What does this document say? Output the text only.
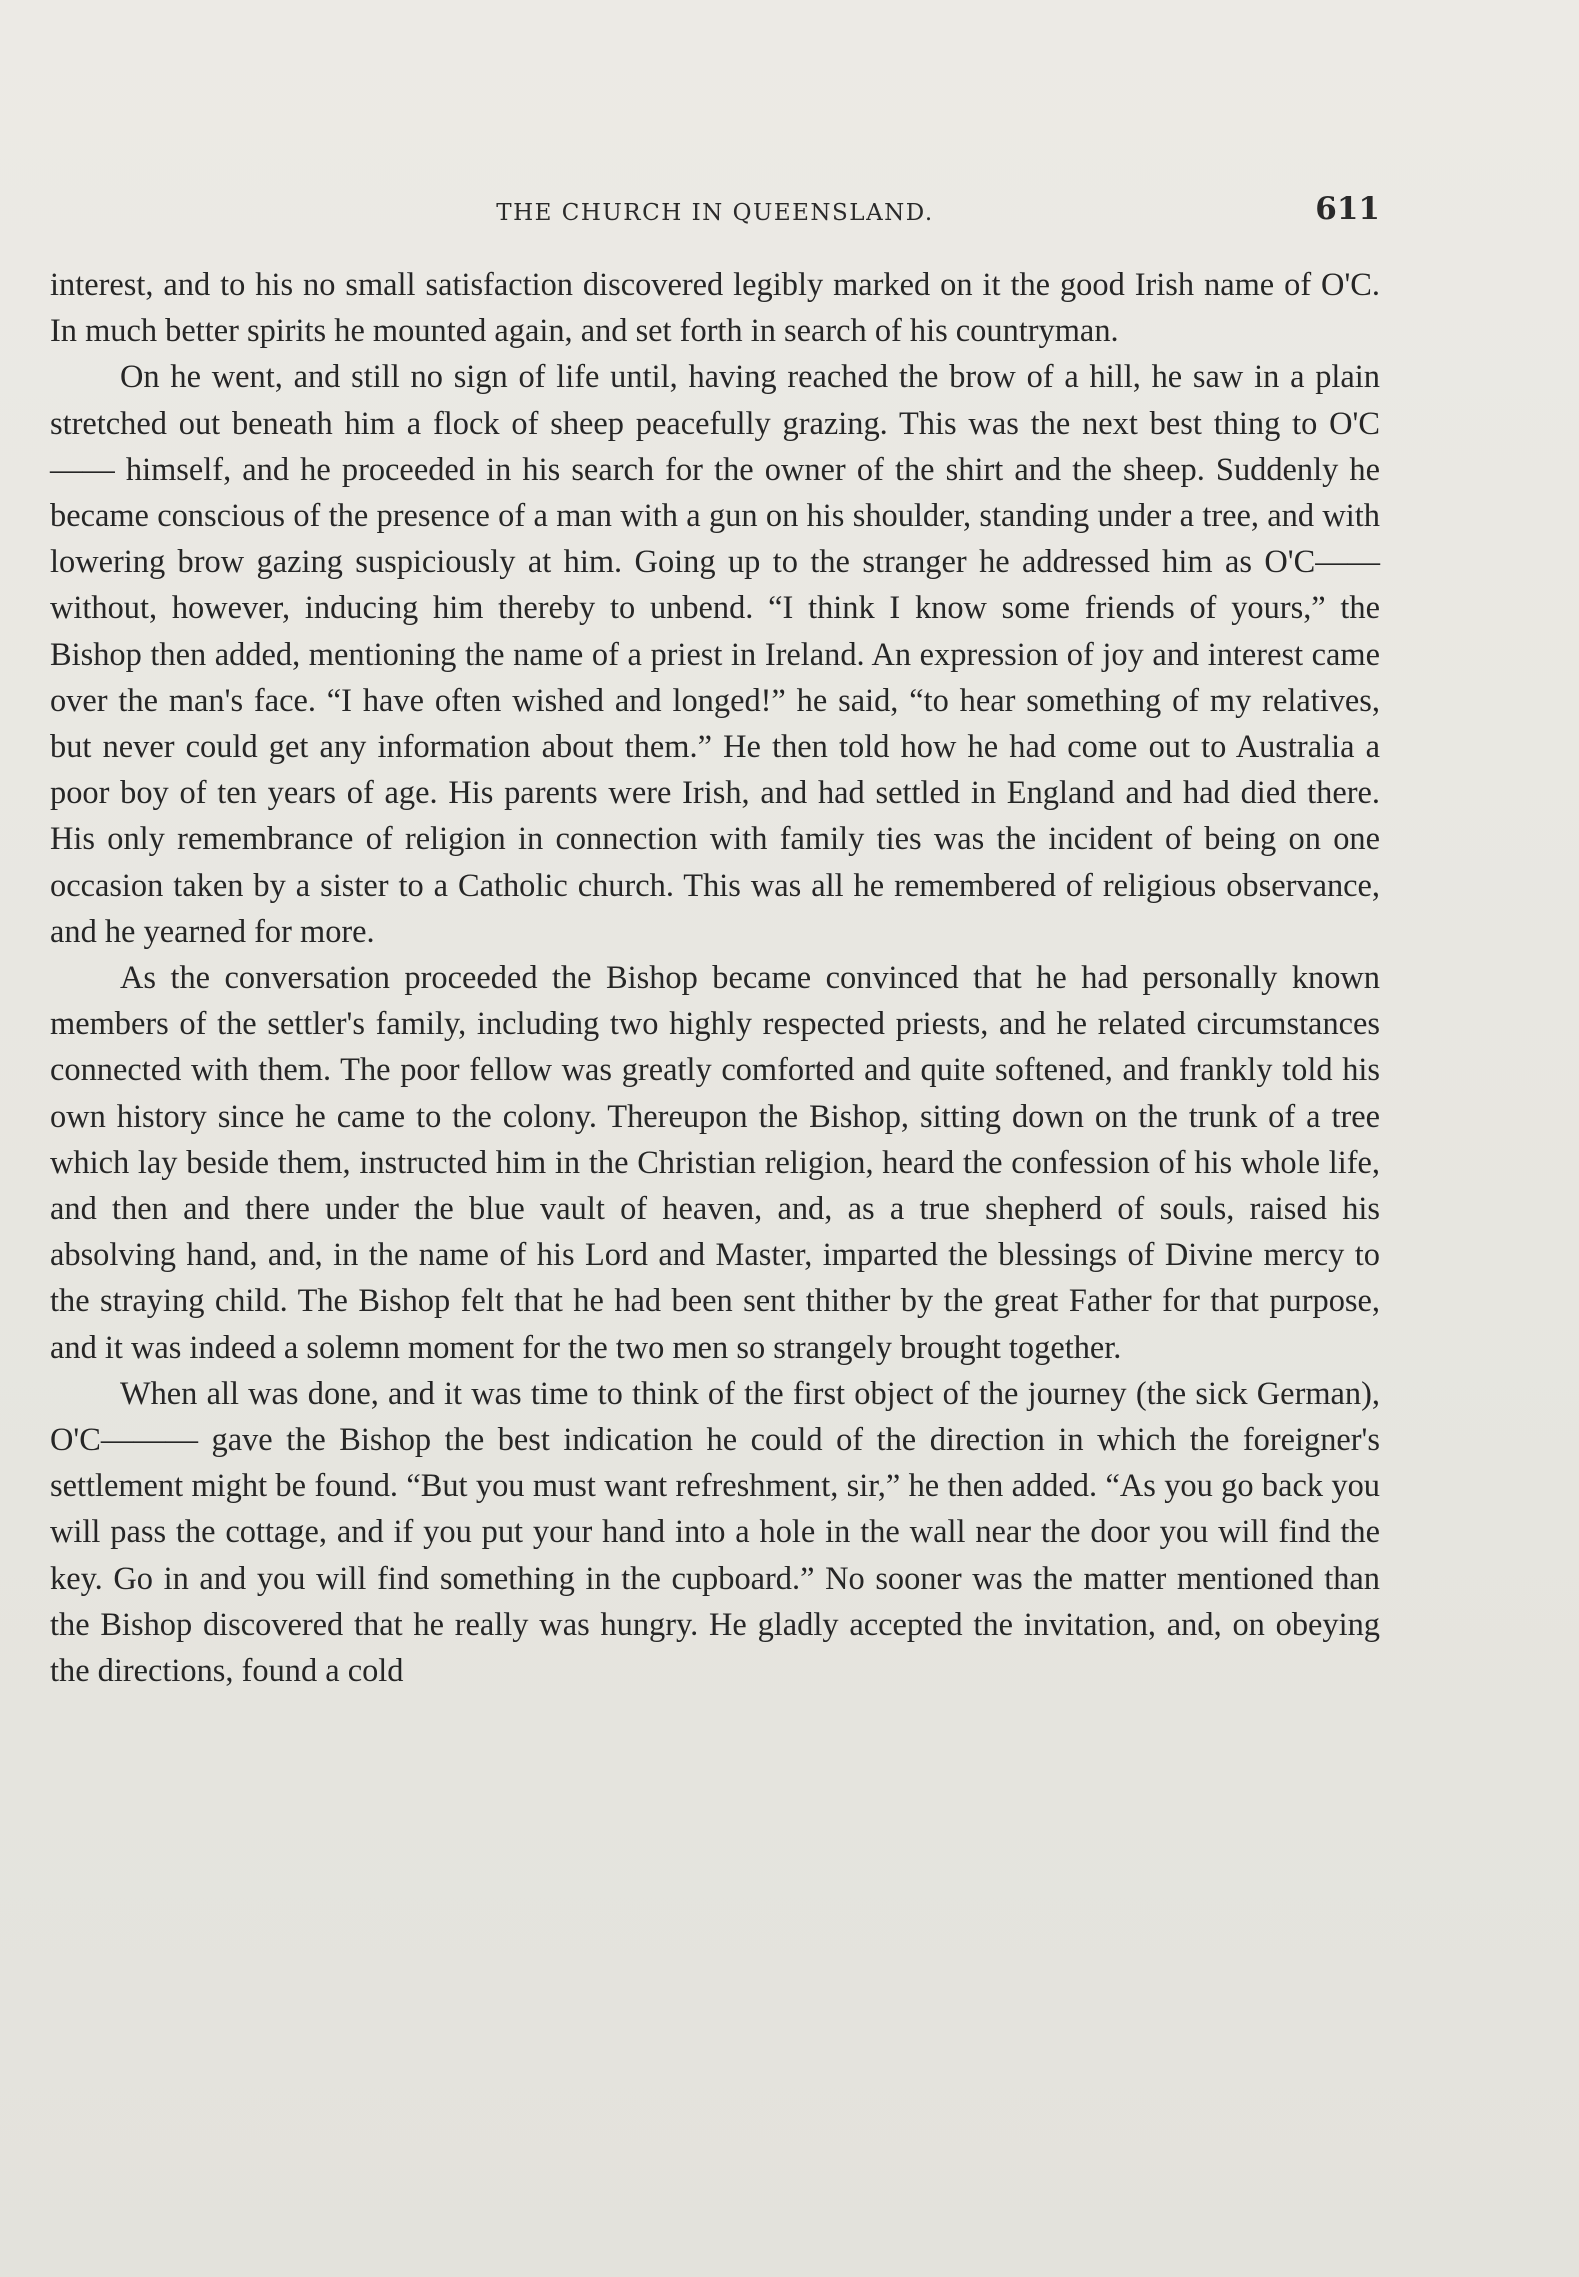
THE CHURCH IN QUEENSLAND.	611

interest, and to his no small satisfaction discovered legibly marked on it the good Irish name of O'C. In much better spirits he mounted again, and set forth in search of his countryman.

On he went, and still no sign of life until, having reached the brow of a hill, he saw in a plain stretched out beneath him a flock of sheep peacefully grazing. This was the next best thing to O'C—— himself, and he proceeded in his search for the owner of the shirt and the sheep. Suddenly he became conscious of the presence of a man with a gun on his shoulder, standing under a tree, and with lowering brow gazing suspiciously at him. Going up to the stranger he addressed him as O'C—— without, however, inducing him thereby to unbend. “I think I know some friends of yours,” the Bishop then added, mentioning the name of a priest in Ireland. An expression of joy and interest came over the man's face. “I have often wished and longed!” he said, “to hear something of my relatives, but never could get any information about them.” He then told how he had come out to Australia a poor boy of ten years of age. His parents were Irish, and had settled in England and had died there. His only remembrance of religion in connection with family ties was the incident of being on one occasion taken by a sister to a Catholic church. This was all he remembered of religious observance, and he yearned for more.

As the conversation proceeded the Bishop became convinced that he had personally known members of the settler's family, including two highly respected priests, and he related circumstances connected with them. The poor fellow was greatly comforted and quite softened, and frankly told his own history since he came to the colony. Thereupon the Bishop, sitting down on the trunk of a tree which lay beside them, instructed him in the Christian religion, heard the confession of his whole life, and then and there under the blue vault of heaven, and, as a true shepherd of souls, raised his absolving hand, and, in the name of his Lord and Master, imparted the blessings of Divine mercy to the straying child. The Bishop felt that he had been sent thither by the great Father for that purpose, and it was indeed a solemn moment for the two men so strangely brought together.

When all was done, and it was time to think of the first object of the journey (the sick German), O'C——— gave the Bishop the best indication he could of the direction in which the foreigner's settlement might be found. “But you must want refreshment, sir,” he then added. “As you go back you will pass the cottage, and if you put your hand into a hole in the wall near the door you will find the key. Go in and you will find something in the cupboard.” No sooner was the matter mentioned than the Bishop discovered that he really was hungry. He gladly accepted the invitation, and, on obeying the directions, found a cold
